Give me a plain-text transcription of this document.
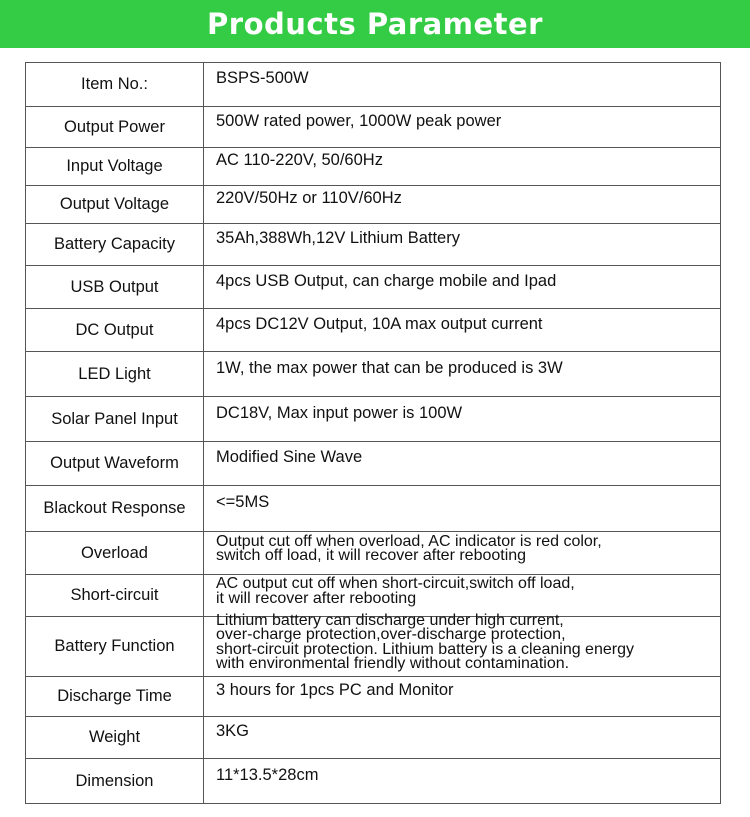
Products Parameter
Item No.:	BSPS-500W

Output Power	500W rated power, 1000W peak power

Input Voltage	AC 110-220V, 50/60Hz

Output Voltage	220V/50Hz or 110V/60Hz

Battery Capacity	35Ah,388Wh,12V Lithium Battery

USB Output	4pcs USB Output, can charge mobile and Ipad

DC Output	4pcs DC12V Output, 10A max output current

LED Light	1W, the max power that can be produced is 3W

Solar Panel Input	DC18V, Max input power is 100W

Output Waveform	Modified Sine Wave

Blackout Response	<=5MS

Overload	Output cut off when overload, AC indicator is red color,
switch off load, it will recover after rebooting

Short-circuit	AC output cut off when short-circuit,switch off load,
it will recover after rebooting

Battery Function	Lithium battery can discharge under high current,
over-charge protection,over-discharge protection,
short-circuit protection. Lithium battery is a cleaning energy
with environmental friendly without contamination.

Discharge Time	3 hours for 1pcs PC and Monitor

Weight	3KG

Dimension	11*13.5*28cm
